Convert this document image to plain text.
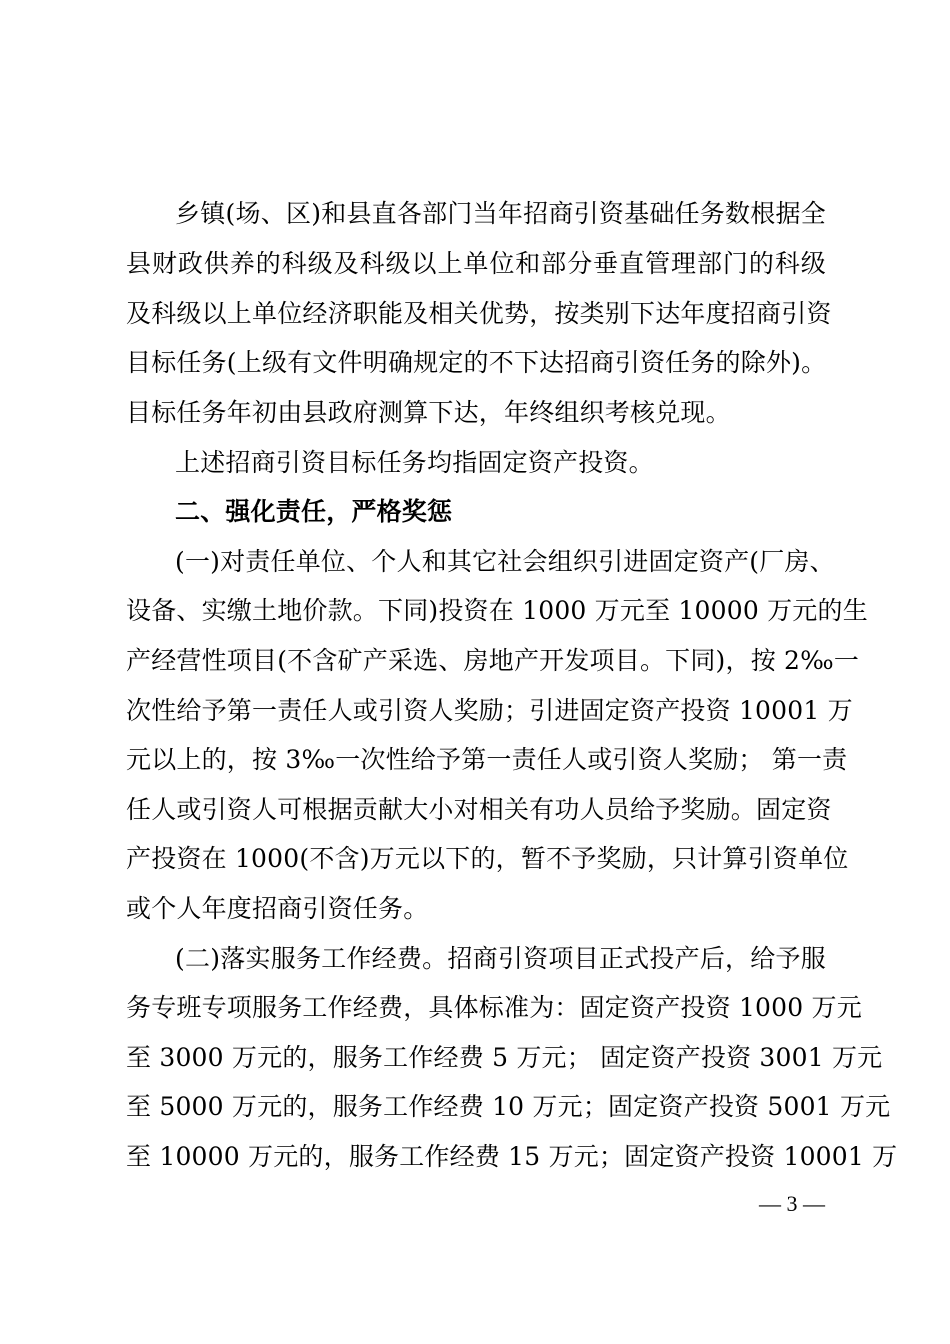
乡镇(场、区)和县直各部门当年招商引资基础任务数根据全
县财政供养的科级及科级以上单位和部分垂直管理部门的科级
及科级以上单位经济职能及相关优势，按类别下达年度招商引资
目标任务(上级有文件明确规定的不下达招商引资任务的除外)。
目标任务年初由县政府测算下达，年终组织考核兑现。
上述招商引资目标任务均指固定资产投资。
二、强化责任，严格奖惩
(一)对责任单位、个人和其它社会组织引进固定资产(厂房、
设备、实缴土地价款。下同)投资在 1000 万元至 10000 万元的生
产经营性项目(不含矿产采选、房地产开发项目。下同)，按 2‰一
次性给予第一责任人或引资人奖励；引进固定资产投资 10001 万
元以上的，按 3‰一次性给予第一责任人或引资人奖励； 第一责
任人或引资人可根据贡献大小对相关有功人员给予奖励。固定资
产投资在 1000(不含)万元以下的，暂不予奖励，只计算引资单位
或个人年度招商引资任务。
(二)落实服务工作经费。招商引资项目正式投产后，给予服
务专班专项服务工作经费，具体标准为：固定资产投资 1000 万元
至 3000 万元的，服务工作经费 5 万元； 固定资产投资 3001 万元
至 5000 万元的，服务工作经费 10 万元；固定资产投资 5001 万元
至 10000 万元的，服务工作经费 15 万元；固定资产投资 10001 万
— 3 —
